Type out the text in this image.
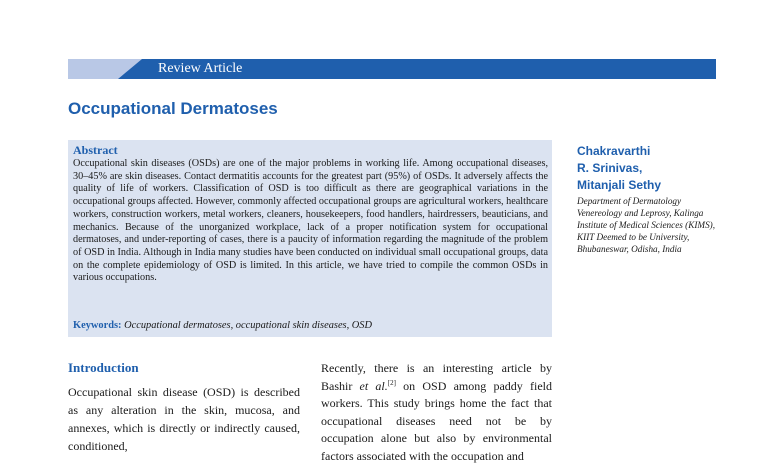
Review Article
Occupational Dermatoses
Abstract
Occupational skin diseases (OSDs) are one of the major problems in working life. Among occupational diseases, 30–45% are skin diseases. Contact dermatitis accounts for the greatest part (95%) of OSDs. It adversely affects the quality of life of workers. Classification of OSD is too difficult as there are geographical variations in the occupational groups affected. However, commonly affected occupational groups are agricultural workers, healthcare workers, construction workers, metal workers, cleaners, housekeepers, food handlers, hairdressers, beauticians, and mechanics. Because of the unorganized workplace, lack of a proper notification system for occupational dermatoses, and under-reporting of cases, there is a paucity of information regarding the magnitude of the problem of OSD in India. Although in India many studies have been conducted on individual small occupational groups, data on the complete epidemiology of OSD is limited. In this article, we have tried to compile the common OSDs in various occupations.
Keywords: Occupational dermatoses, occupational skin diseases, OSD
Chakravarthi
R. Srinivas,
Mitanjali Sethy
Department of Dermatology Venereology and Leprosy, Kalinga Institute of Medical Sciences (KIMS), KIIT Deemed to be University, Bhubaneswar, Odisha, India
Introduction

Occupational skin disease (OSD) is described as any alteration in the skin, mucosa, and annexes, which is directly or indirectly caused, conditioned,

Recently, there is an interesting article by Bashir et al.[2] on OSD among paddy field workers. This study brings home the fact that occupational diseases need not be by occupation alone but also by environmental factors associated with the occupation and
